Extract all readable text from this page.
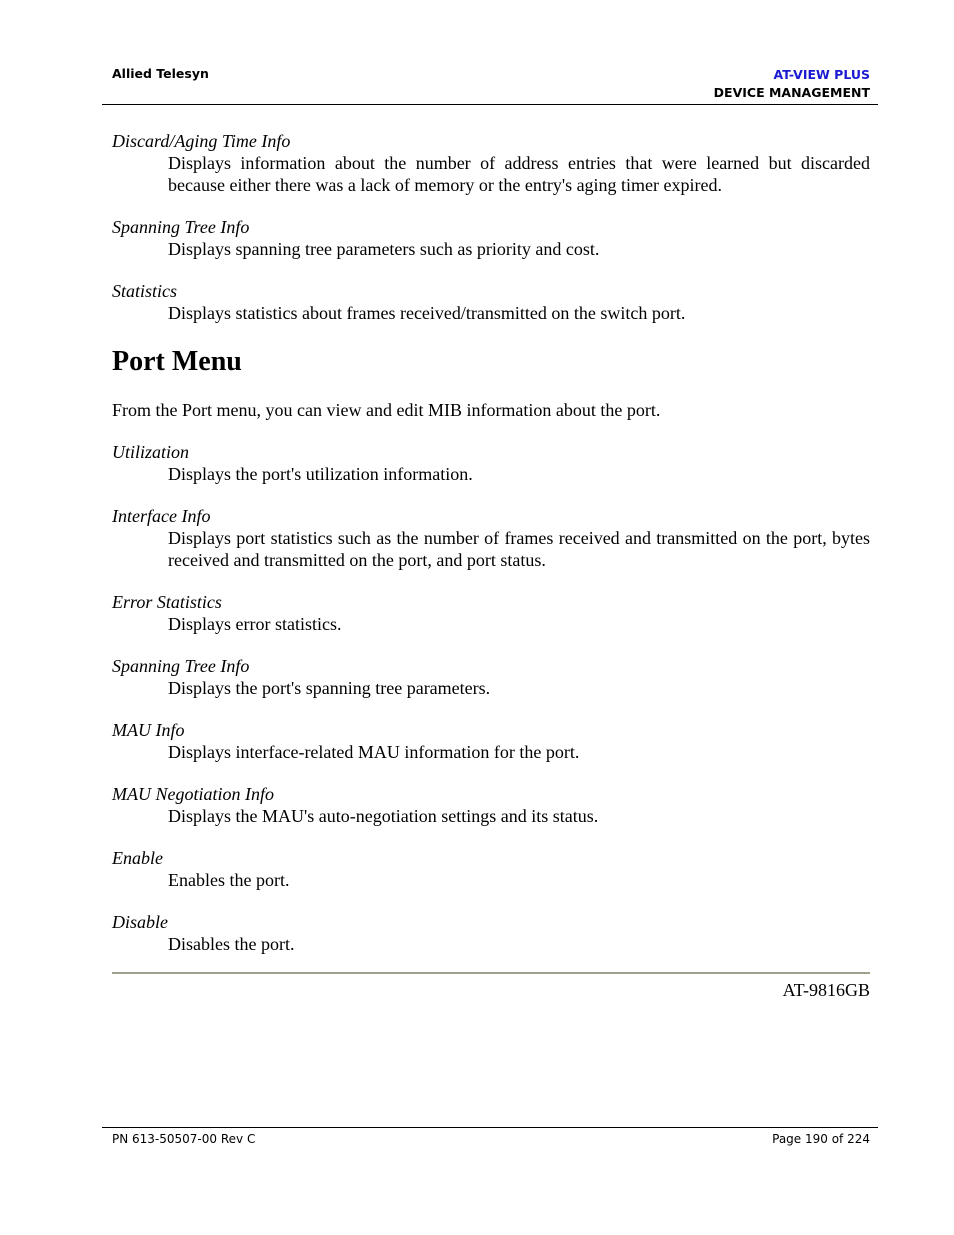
Allied Telesyn	AT-VIEW PLUS
DEVICE MANAGEMENT
Discard/Aging Time Info
Displays information about the number of address entries that were learned but discarded because either there was a lack of memory or the entry's aging timer expired.
Spanning Tree Info
Displays spanning tree parameters such as priority and cost.
Statistics
Displays statistics about frames received/transmitted on the switch port.
Port Menu
From the Port menu, you can view and edit MIB information about the port.
Utilization
Displays the port's utilization information.
Interface Info
Displays port statistics such as the number of frames received and transmitted on the port, bytes received and transmitted on the port, and port status.
Error Statistics
Displays error statistics.
Spanning Tree Info
Displays the port's spanning tree parameters.
MAU Info
Displays interface-related MAU information for the port.
MAU Negotiation Info
Displays the MAU's auto-negotiation settings and its status.
Enable
Enables the port.
Disable
Disables the port.
AT-9816GB
PN 613-50507-00 Rev C	Page 190 of 224
